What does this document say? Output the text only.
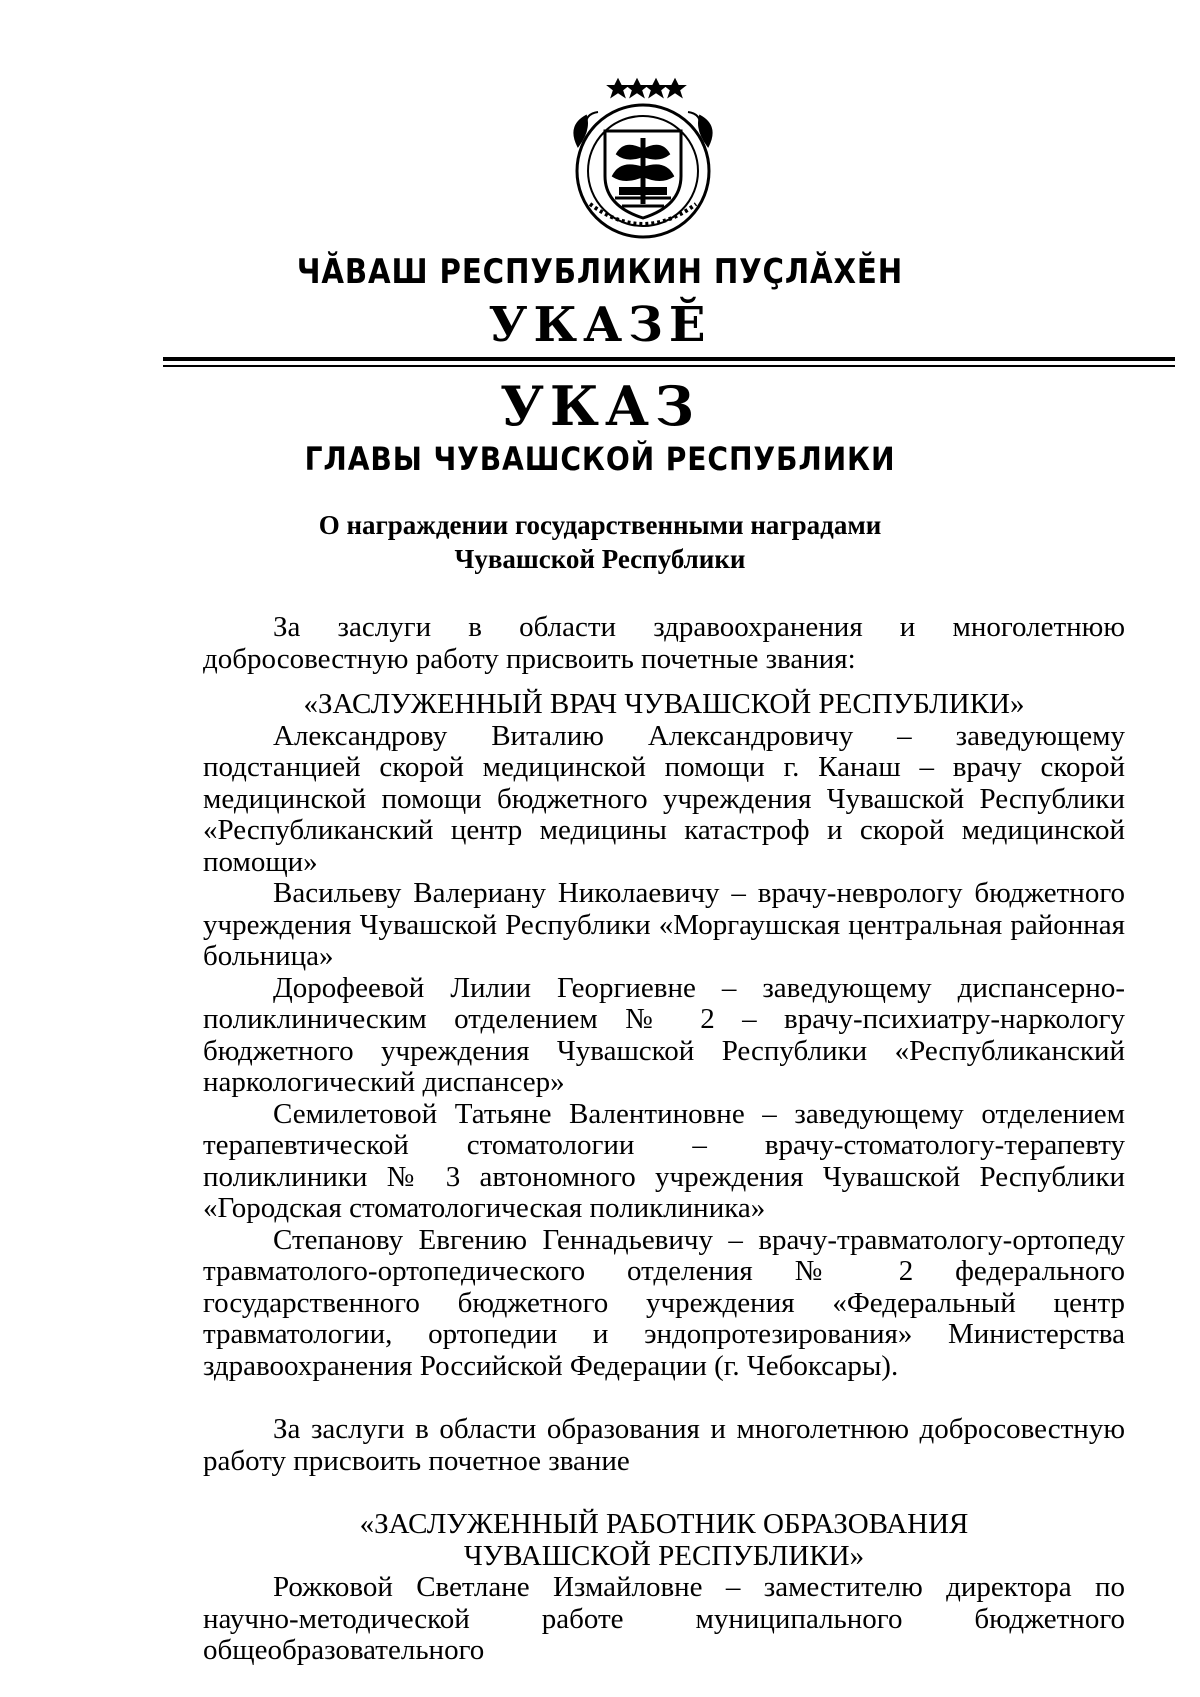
ЧӐВАШ РЕСПУБЛИКИН ПУҪЛӐХӖН
УКАЗӖ
УКАЗ
ГЛАВЫ ЧУВАШСКОЙ РЕСПУБЛИКИ
О награждении государственными наградами
Чувашской Республики

За заслуги в области здравоохранения и многолетнюю добросовестную работу присвоить почетные звания:

«ЗАСЛУЖЕННЫЙ ВРАЧ ЧУВАШСКОЙ РЕСПУБЛИКИ»

Александрову Виталию Александровичу – заведующему подстанцией скорой медицинской помощи г. Канаш – врачу скорой медицинской помощи бюджетного учреждения Чувашской Республики «Республиканский центр медицины катастроф и скорой медицинской помощи»

Васильеву Валериану Николаевичу – врачу-неврологу бюджетного учреждения Чувашской Республики «Моргаушская центральная районная больница»

Дорофеевой Лилии Георгиевне – заведующему диспансерно-поликлиническим отделением № 2 – врачу-психиатру-наркологу бюджетного учреждения Чувашской Республики «Республиканский наркологический диспансер»

Семилетовой Татьяне Валентиновне – заведующему отделением терапевтической стоматологии – врачу-стоматологу-терапевту поликлиники № 3 автономного учреждения Чувашской Республики «Городская стоматологическая поликлиника»

Степанову Евгению Геннадьевичу – врачу-травматологу-ортопеду травматолого-ортопедического отделения № 2 федерального государственного бюджетного учреждения «Федеральный центр травматологии, ортопедии и эндопротезирования» Министерства здравоохранения Российской Федерации (г. Чебоксары).

За заслуги в области образования и многолетнюю добросовестную работу присвоить почетное звание

«ЗАСЛУЖЕННЫЙ РАБОТНИК ОБРАЗОВАНИЯ

ЧУВАШСКОЙ РЕСПУБЛИКИ»

Рожковой Светлане Измайловне – заместителю директора по научно-методической работе муниципального бюджетного общеобразовательного
